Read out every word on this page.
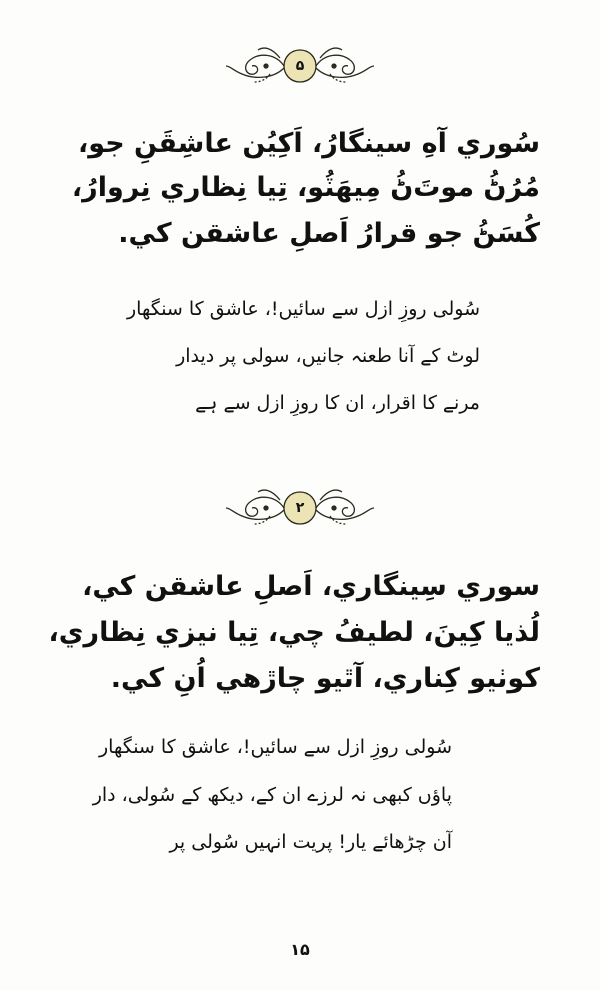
۵
سُوري آهِ سينگارُ، اَکِيُن عاشِقَنِ جو،
مُرُڻُ موتَ‌ڻُ مِيهَٽُو، تِيا نِظاري نِروارُ،
کُسَڻُ جو قرارُ اَصلِ عاشقن کي.
سُولی روزِ ازل سے سائیں!، عاشق کا سنگھار
لوٹ کے آنا طعنہ جانیں، سولی پر دیدار
مرنے کا اقرار، ان کا روزِ ازل سے ہے
۲
سوري سِينگاري، اَصلِ عاشقن کي،
لُذيا کِينَ، لطيفُ چي، تِيا نيزي نِظاري،
کوٺيو کِناري، آٿيو چاڙهي اُنِ کي.
سُولی روزِ ازل سے سائیں!، عاشق کا سنگھار
پاؤں کبھی نہ لرزے ان کے، دیکھ کے سُولی، دار
آن چڑھائے یار! پریت انہیں سُولی پر
۱۵
